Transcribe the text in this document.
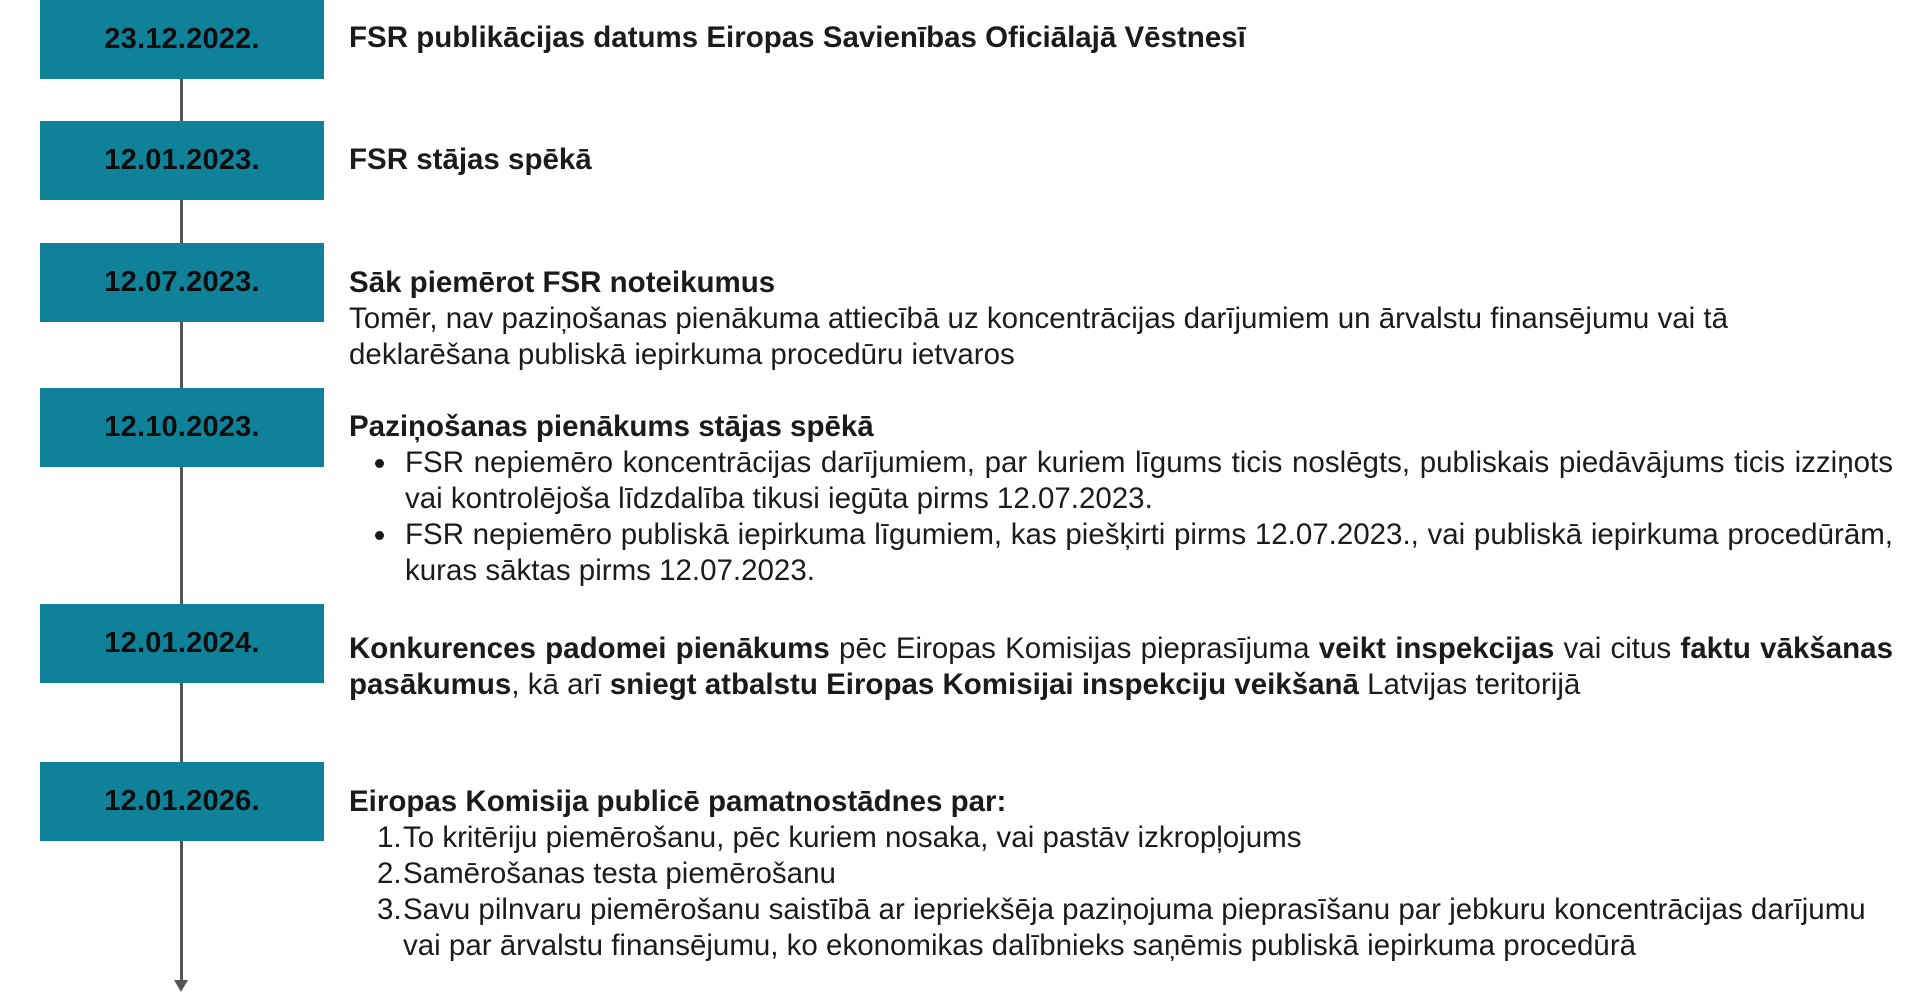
23.12.2022.	FSR publikācijas datums Eiropas Savienības Oficiālajā Vēstnesī

12.01.2023.	FSR stājas spēkā

12.07.2023.	Sāk piemērot FSR noteikumus

Tomēr, nav paziņošanas pienākuma attiecībā uz koncentrācijas darījumiem un ārvalstu finansējumu vai tā deklarēšana publiskā iepirkuma procedūru ietvaros

12.10.2023.	Paziņošanas pienākums stājas spēkā

FSR nepiemēro koncentrācijas darījumiem, par kuriem līgums ticis noslēgts, publiskais piedāvājums ticis izziņots vai kontrolējoša līdzdalība tikusi iegūta pirms 12.07.2023.
FSR nepiemēro publiskā iepirkuma līgumiem, kas piešķirti pirms 12.07.2023., vai publiskā iepirkuma procedūrām, kuras sāktas pirms 12.07.2023.
12.01.2024.	Konkurences padomei pienākums pēc Eiropas Komisijas pieprasījuma veikt inspekcijas vai citus faktu vākšanas pasākumus, kā arī sniegt atbalstu Eiropas Komisijai inspekciju veikšanā Latvijas teritorijā

12.01.2026.	Eiropas Komisija publicē pamatnostādnes par:

1. To kritēriju piemērošanu, pēc kuriem nosaka, vai pastāv izkropļojums
2. Samērošanas testa piemērošanu
3. Savu pilnvaru piemērošanu saistībā ar iepriekšēja paziņojuma pieprasīšanu par jebkuru koncentrācijas darījumu vai par ārvalstu finansējumu, ko ekonomikas dalībnieks saņēmis publiskā iepirkuma procedūrā
